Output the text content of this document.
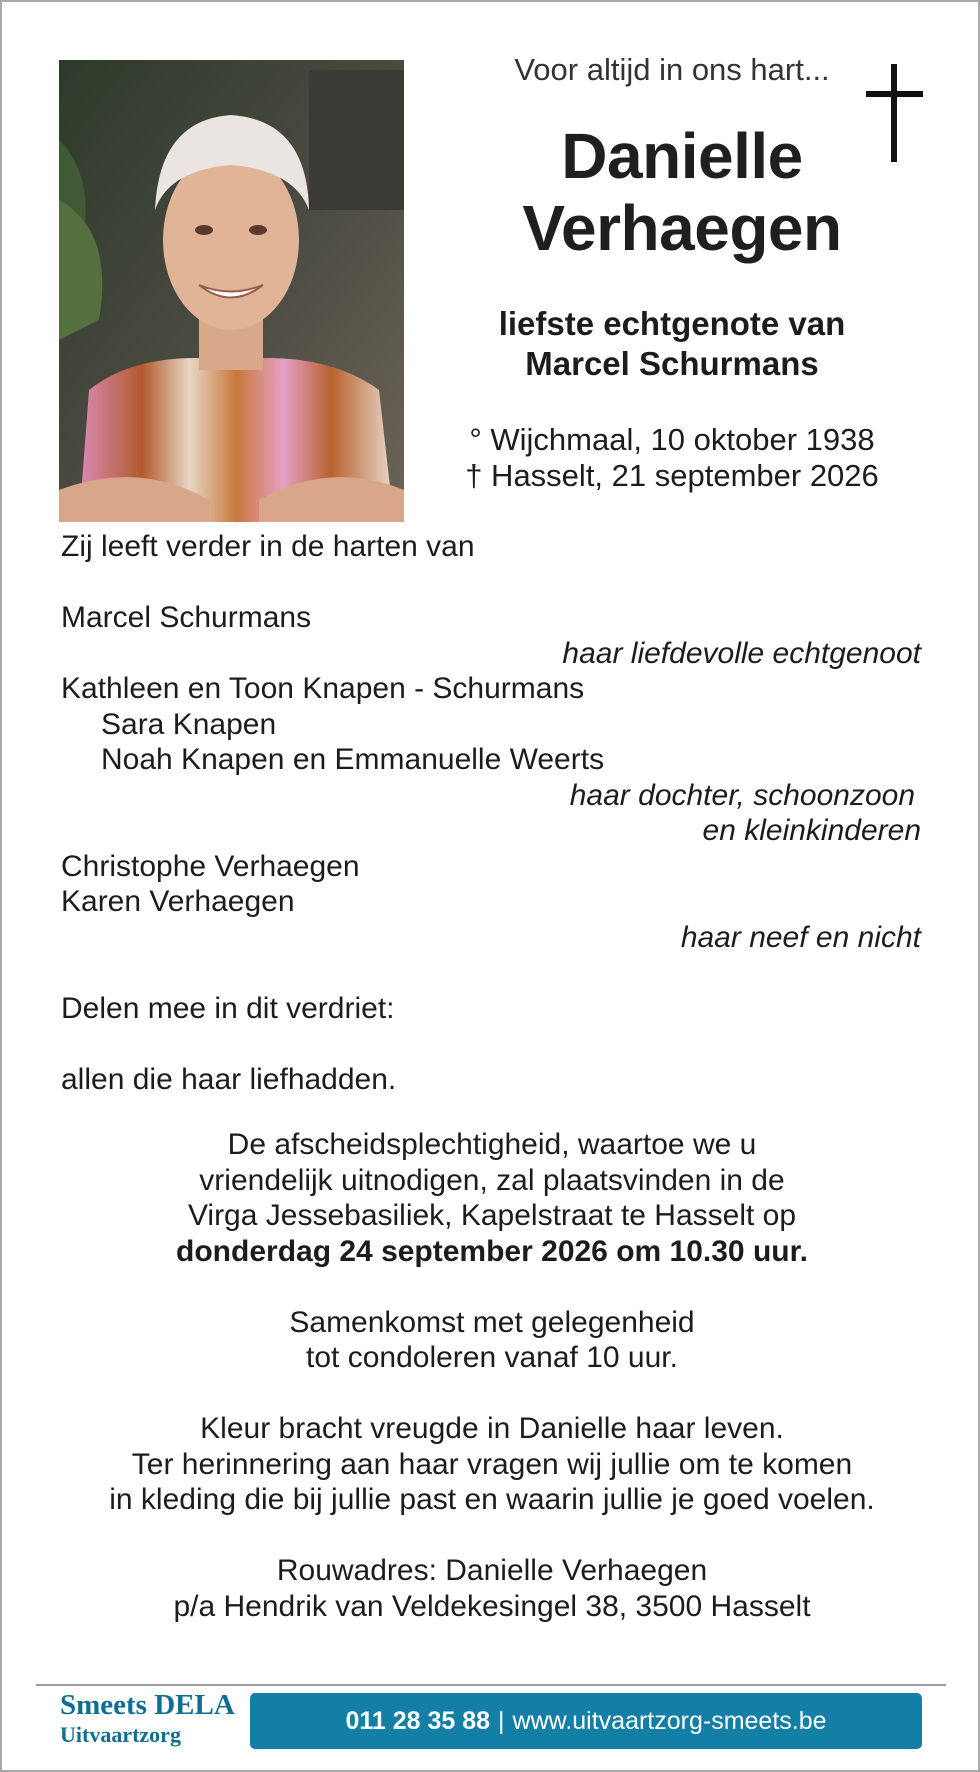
Voor altijd in ons hart...
Danielle
Verhaegen
liefste echtgenote van
Marcel Schurmans
° Wijchmaal, 10 oktober 1938
† Hasselt, 21 september 2026
Zij leeft verder in de harten van
Marcel Schurmans
haar liefdevolle echtgenoot
Kathleen en Toon Knapen - Schurmans
Sara Knapen
Noah Knapen en Emmanuelle Weerts
haar dochter, schoonzoon
en kleinkinderen
Christophe Verhaegen
Karen Verhaegen
haar neef en nicht
Delen mee in dit verdriet:
allen die haar liefhadden.
De afscheidsplechtigheid, waartoe we u
vriendelijk uitnodigen, zal plaatsvinden in de
Virga Jessebasiliek, Kapelstraat te Hasselt op
donderdag 24 september 2026 om 10.30 uur.
Samenkomst met gelegenheid
tot condoleren vanaf 10 uur.
Kleur bracht vreugde in Danielle haar leven.
Ter herinnering aan haar vragen wij jullie om te komen
in kleding die bij jullie past en waarin jullie je goed voelen.
Rouwadres: Danielle Verhaegen
p/a Hendrik van Veldekesingel 38, 3500 Hasselt
Smeets DELA
Uitvaartzorg	011 28 35 88 | www.uitvaartzorg-smeets.be
